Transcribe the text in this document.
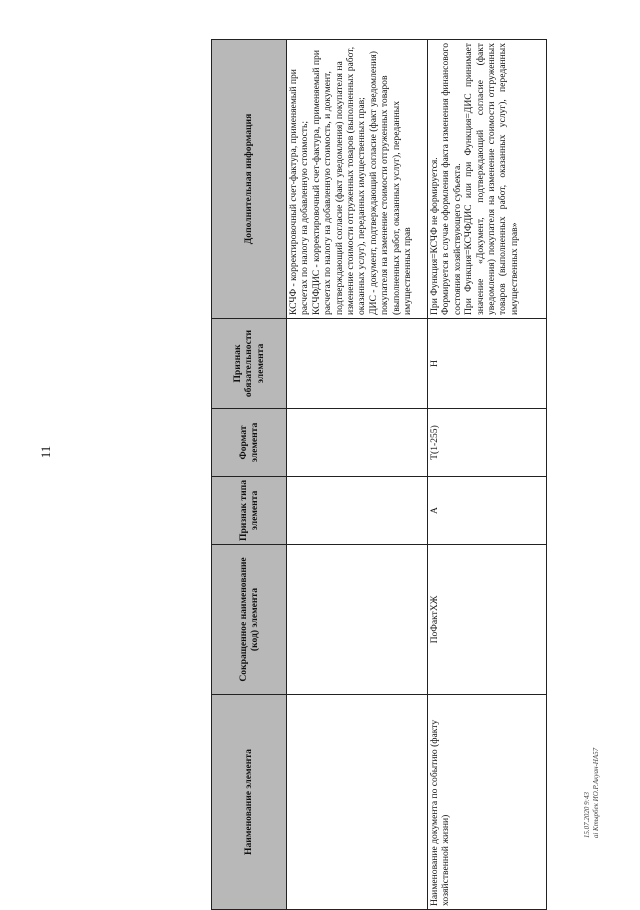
11
Наименование элемента	Сокращенное наименование (код) элемента	Признак типа элемента	Формат элемента	Признак обязательности элемента	Дополнительная информация

					КСЧФ - корректировочный счет-фактура, применяемый при расчетах по налогу на добавленную стоимость; КСЧФДИС - корректировочный счет-фактура, применяемый при расчетах по налогу на добавленную стоимость, и документ, подтверждающий согласие (факт уведомления) покупателя на изменение стоимости отгруженных товаров (выполненных работ, оказанных услуг), переданных имущественных прав; ДИС - документ, подтверждающий согласие (факт уведомления) покупателя на изменение стоимости отгруженных товаров (выполненных работ, оказанных услуг), переданных имущественных прав

Наименование документа по событию (факту хозяйственной жизни)	ПоФактХЖ	А	T(1-255)	Н	При Функция=КСЧФ не формируется. Формируется в случае оформления факта изменения финансового состояния хозяйствующего субъекта. При Функция=КСЧФДИС или при Функция=ДИС принимает значение «Документ, подтверждающий согласие (факт уведомления) покупателя на изменение стоимости отгруженных товаров (выполненных работ, оказанных услуг), переданных имущественных прав»
15.07.2020 9:43 ai Ктырбек ИО.Р.Акуан-НА57
